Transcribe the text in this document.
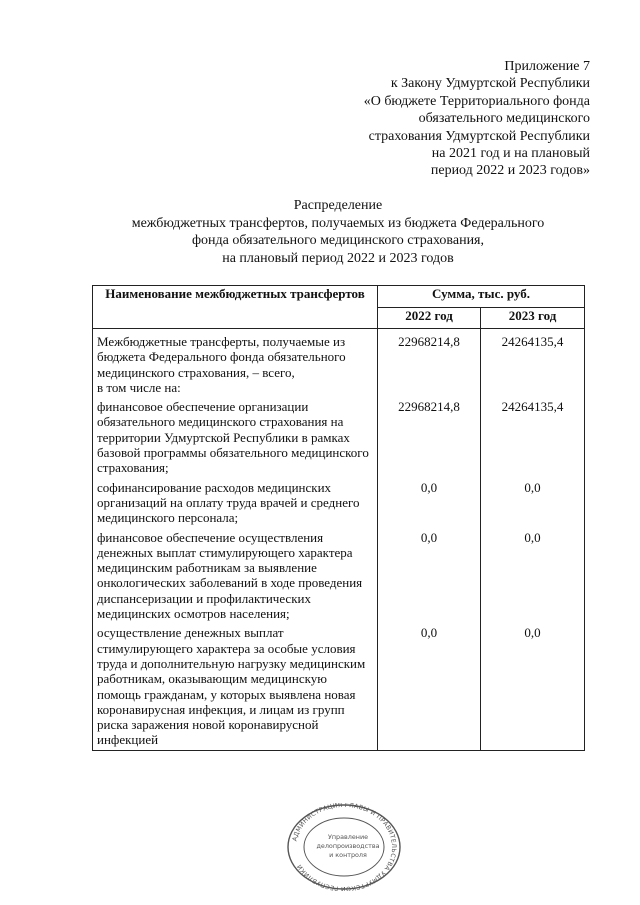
Приложение 7
к Закону Удмуртской Республики
«О бюджете Территориального фонда
обязательного медицинского
страхования Удмуртской Республики
на 2021 год и на плановый
период 2022 и 2023 годов»
Распределение
межбюджетных трансфертов, получаемых из бюджета Федерального
фонда обязательного медицинского страхования,
на плановый период 2022 и 2023 годов
Наименование межбюджетных трансфертов	Сумма, тыс. руб.	
	2022 год	2023 год
Межбюджетные трансферты, получаемые из бюджета Федерального фонда обязательного медицинского страхования, – всего,	22968214,8	24264135,4
в том числе на:		
финансовое обеспечение организации обязательного медицинского страхования на территории Удмуртской Республики в рамках базовой программы обязательного медицинского страхования;	22968214,8	24264135,4
софинансирование расходов медицинских организаций на оплату труда врачей и среднего медицинского персонала;	0,0	0,0
финансовое обеспечение осуществления денежных выплат стимулирующего характера медицинским работникам за выявление онкологических заболеваний в ходе проведения диспансеризации и профилактических медицинских осмотров населения;	0,0	0,0
осуществление денежных выплат стимулирующего характера за особые условия труда и дополнительную нагрузку медицинским работникам, оказывающим медицинскую помощь гражданам, у которых выявлена новая коронавирусная инфекция, и лицам из групп риска заражения новой коронавирусной инфекцией	0,0	0,0
АДМИНИСТРАЦИЯ ГЛАВЫ И ПРАВИТЕЛЬСТВА УДМУРТСКОЙ РЕСПУБЛИКИ
Управление
делопроизводства
и контроля
